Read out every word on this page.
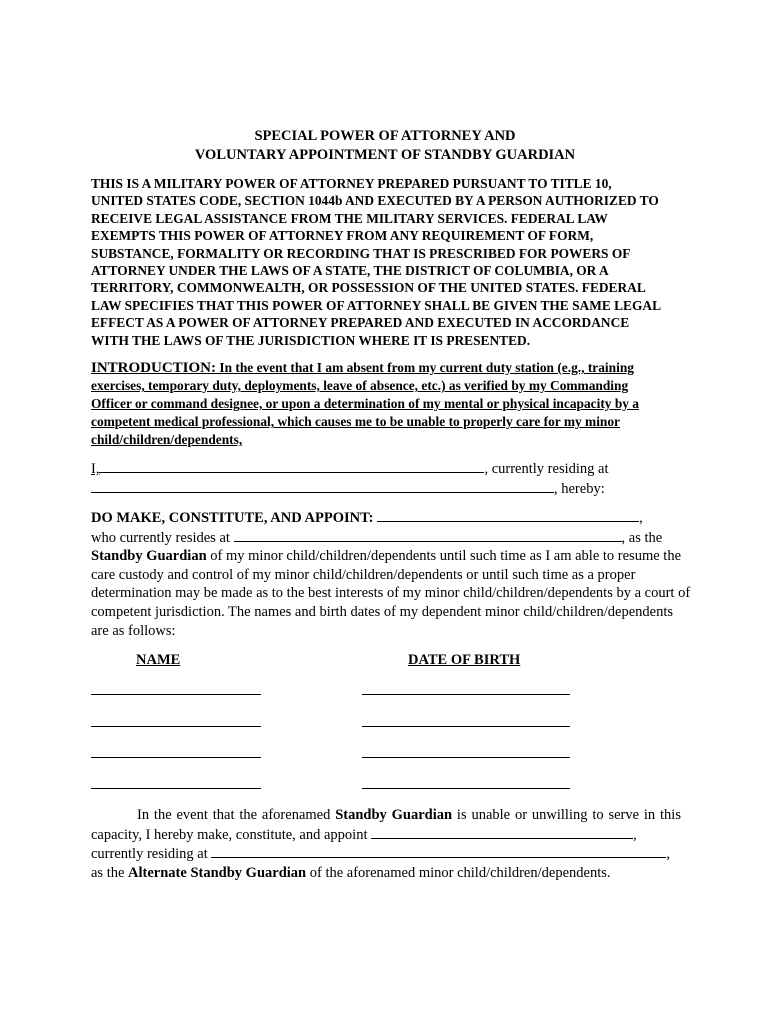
SPECIAL POWER OF ATTORNEY AND
VOLUNTARY APPOINTMENT OF STANDBY GUARDIAN
THIS IS A MILITARY POWER OF ATTORNEY PREPARED PURSUANT TO TITLE 10,
UNITED STATES CODE, SECTION 1044b AND EXECUTED BY A PERSON AUTHORIZED TO
RECEIVE LEGAL ASSISTANCE FROM THE MILITARY SERVICES. FEDERAL LAW
EXEMPTS THIS POWER OF ATTORNEY FROM ANY REQUIREMENT OF FORM,
SUBSTANCE, FORMALITY OR RECORDING THAT IS PRESCRIBED FOR POWERS OF
ATTORNEY UNDER THE LAWS OF A STATE, THE DISTRICT OF COLUMBIA, OR A
TERRITORY, COMMONWEALTH, OR POSSESSION OF THE UNITED STATES. FEDERAL
LAW SPECIFIES THAT THIS POWER OF ATTORNEY SHALL BE GIVEN THE SAME LEGAL
EFFECT AS A POWER OF ATTORNEY PREPARED AND EXECUTED IN ACCORDANCE
WITH THE LAWS OF THE JURISDICTION WHERE IT IS PRESENTED.
INTRODUCTION: In the event that I am absent from my current duty station (e.g., training
exercises, temporary duty, deployments, leave of absence, etc.) as verified by my Commanding
Officer or command designee, or upon a determination of my mental or physical incapacity by a
competent medical professional, which causes me to be unable to properly care for my minor
child/children/dependents,
I,	, currently residing at
, hereby:
DO MAKE, CONSTITUTE, AND APPOINT:	,
who currently resides at	, as the
Standby Guardian of my minor child/children/dependents until such time as I am able to resume the care custody and control of my minor child/children/dependents or until such time as a proper determination may be made as to the best interests of my minor child/children/dependents by a court of competent jurisdiction. The names and birth dates of my dependent minor child/children/dependents are as follows:
NAME	DATE OF BIRTH
In the event that the aforenamed Standby Guardian is unable or unwilling to serve in this capacity, I hereby make, constitute, and appoint	,
currently residing at	,
as the Alternate Standby Guardian of the aforenamed minor child/children/dependents.
